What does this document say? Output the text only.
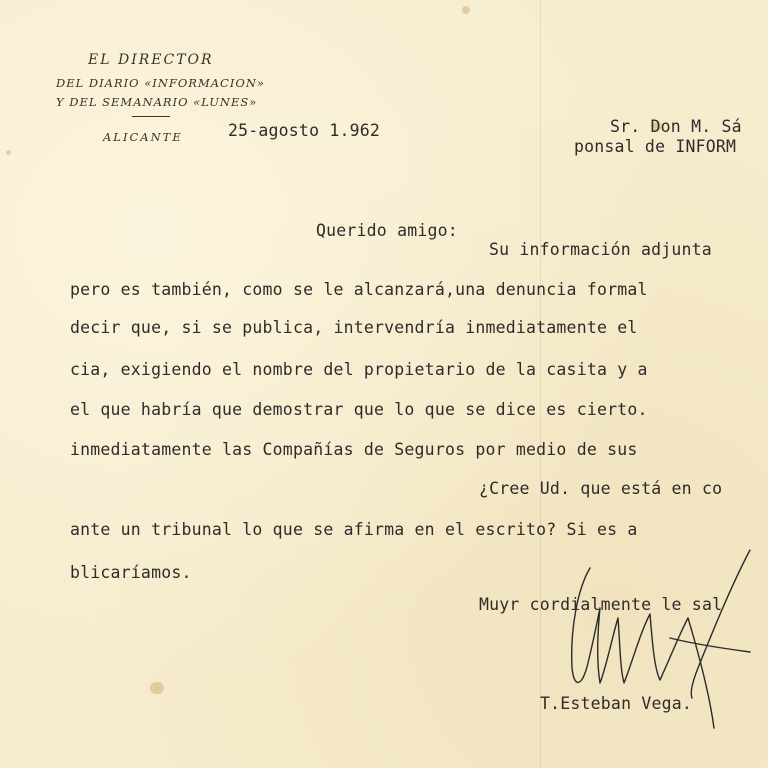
EL DIRECTOR
DEL DIARIO «INFORMACION»
Y DEL SEMANARIO «LUNES»
ALICANTE	25-agosto 1.962	Sr. Don M. Sá
ponsal de INFORM
Querido amigo:
Su información adjunta
pero es también, como se le alcanzará,una denuncia formal
decir que, si se publica, intervendría inmediatamente el
cia, exigiendo el nombre del propietario de la casita y a
el que habría que demostrar que lo que se dice es cierto.
inmediatamente las Compañías de Seguros por medio de sus
¿Cree Ud. que está en co
ante un tribunal lo que se afirma en el escrito? Si es a
blicaríamos.
Muyr cordialmente le sal
T.Esteban Vega.
